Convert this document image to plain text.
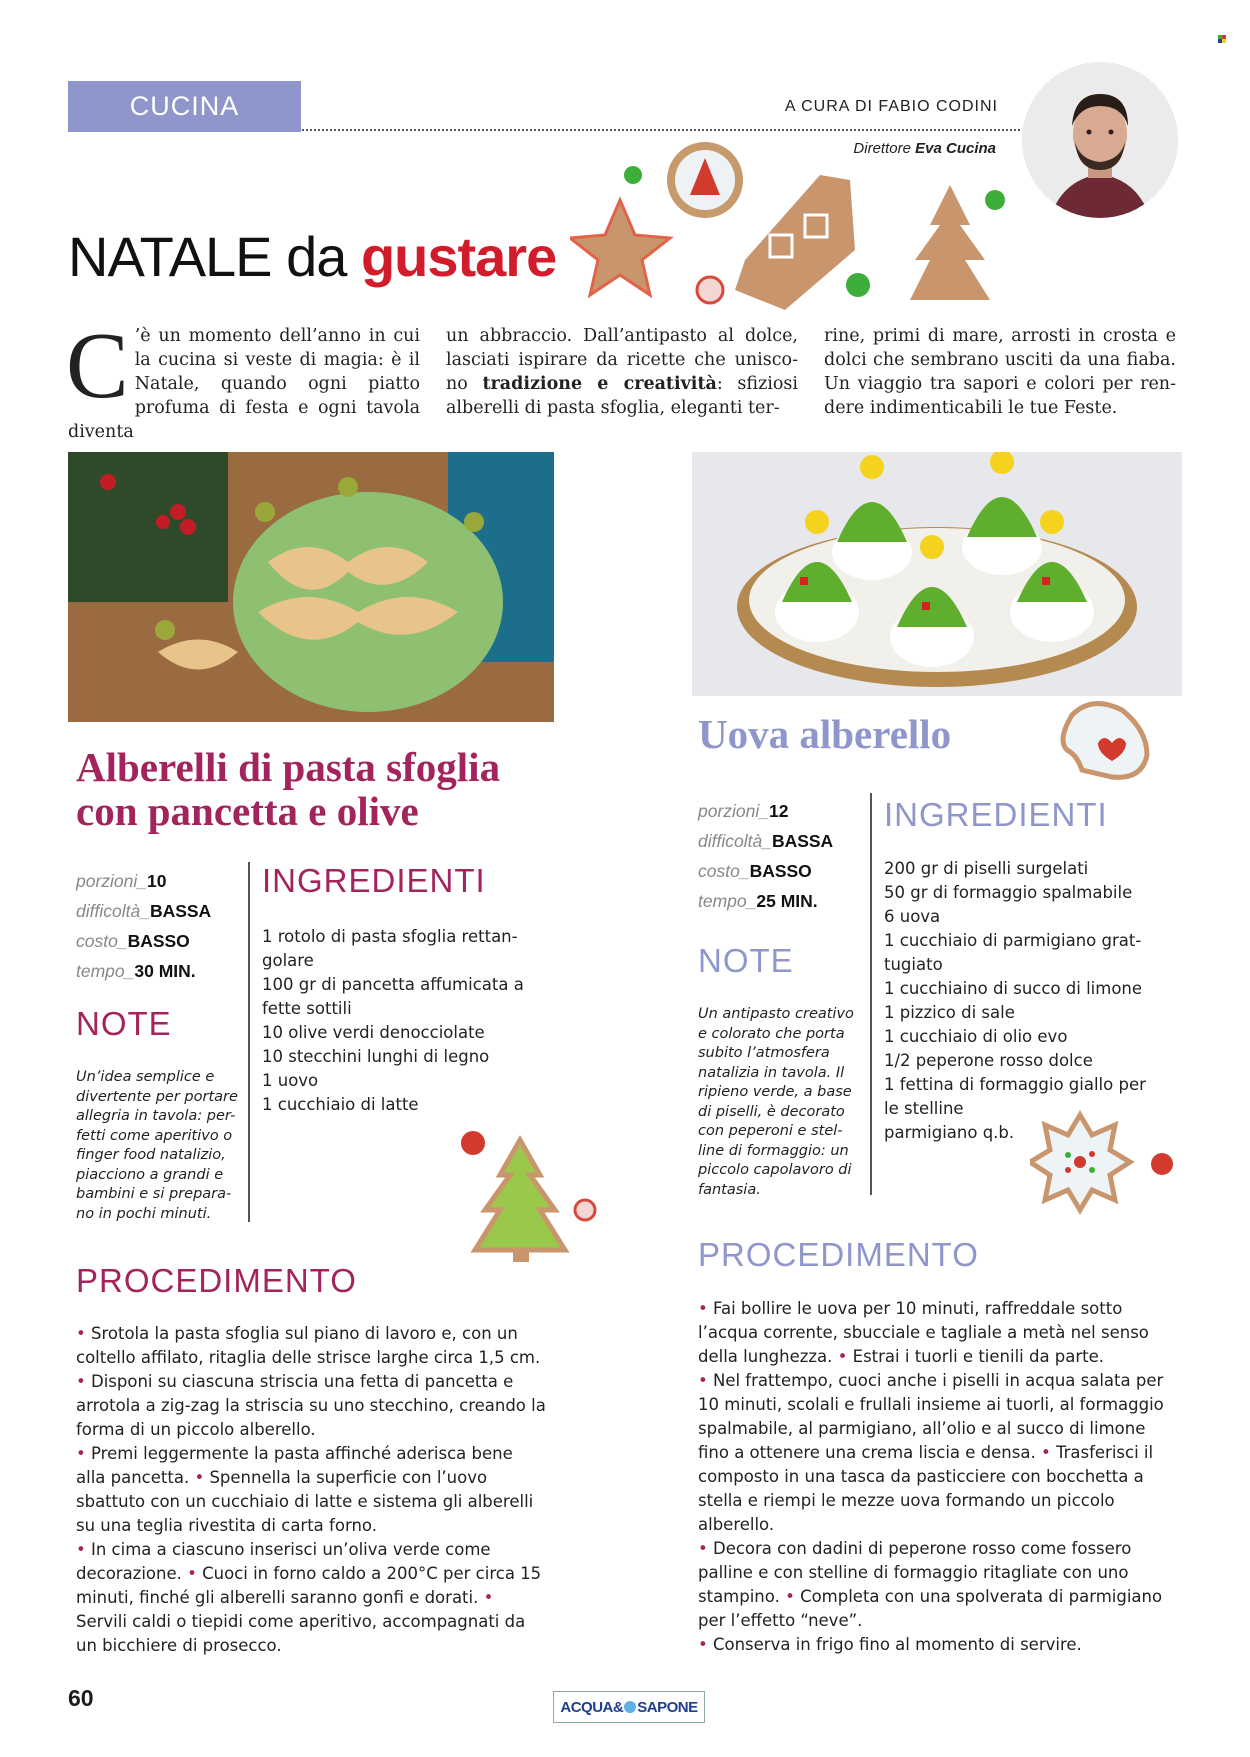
CUCINA	A CURA DI FABIO CODINI
Direttore Eva Cucina
NATALE da gustare
C ’è un momento dell’anno in cui la cucina si veste di magia: è il Natale, quando ogni piatto profuma di festa e ogni tavola diventa
un abbraccio. Dall’antipasto al dolce, lasciati ispirare da ricette che unisco-no tradizione e creatività: sfiziosi alberelli di pasta sfoglia, eleganti ter-
rine, primi di mare, arrosti in crosta e dolci che sembrano usciti da una fiaba. Un viaggio tra sapori e colori per ren-dere indimenticabili le tue Feste.
Alberelli di pasta sfoglia
con pancetta e olive
porzioni_10
difficoltà_BASSA
costo_BASSO
tempo_30 MIN.
NOTE
Un’idea semplice e divertente per portare allegria in tavola: per-fetti come aperitivo o finger food natalizio, piacciono a grandi e bambini e si prepara-no in pochi minuti.
INGREDIENTI
1 rotolo di pasta sfoglia rettan-
golare
100 gr di pancetta affumicata a
fette sottili
10 olive verdi denocciolate
10 stecchini lunghi di legno
1 uovo
1 cucchiaio di latte
PROCEDIMENTO
• Srotola la pasta sfoglia sul piano di lavoro e, con un coltello affilato, ritaglia delle strisce larghe circa 1,5 cm. • Disponi su ciascuna striscia una fetta di pancetta e arrotola a zig-zag la striscia su uno stecchino, creando la forma di un piccolo alberello.
• Premi leggermente la pasta affinché aderisca bene alla pancetta. • Spennella la superficie con l’uovo sbattuto con un cucchiaio di latte e sistema gli alberelli su una teglia rivestita di carta forno.
• In cima a ciascuno inserisci un’oliva verde come decorazione. • Cuoci in forno caldo a 200°C per circa 15 minuti, finché gli alberelli saranno gonfi e dorati. • Servili caldi o tiepidi come aperitivo, accompagnati da un bicchiere di prosecco.
Uova alberello
porzioni_12
difficoltà_BASSA
costo_BASSO
tempo_25 MIN.
NOTE
Un antipasto creativo e colorato che porta subito l’atmosfera natalizia in tavola. Il ripieno verde, a base di piselli, è decorato con peperoni e stel-line di formaggio: un piccolo capolavoro di fantasia.
INGREDIENTI
200 gr di piselli surgelati
50 gr di formaggio spalmabile
6 uova
1 cucchiaio di parmigiano grat-
tugiato
1 cucchiaino di succo di limone
1 pizzico di sale
1 cucchiaio di olio evo
1/2 peperone rosso dolce
1 fettina di formaggio giallo per
le stelline
parmigiano q.b.
PROCEDIMENTO
• Fai bollire le uova per 10 minuti, raffreddale sotto l’acqua corrente, sbucciale e tagliale a metà nel senso della lunghezza. • Estrai i tuorli e tienili da parte.
• Nel frattempo, cuoci anche i piselli in acqua salata per 10 minuti, scolali e frullali insieme ai tuorli, al formaggio spalmabile, al parmigiano, all’olio e al succo di limone fino a ottenere una crema liscia e densa. • Trasferisci il composto in una tasca da pasticciere con bocchetta a stella e riempi le mezze uova formando un piccolo alberello.
• Decora con dadini di peperone rosso come fossero palline e con stelline di formaggio ritagliate con uno stampino. • Completa con una spolverata di parmigiano per l’effetto “neve”.
• Conserva in frigo fino al momento di servire.
60	ACQUA& SAPONE
